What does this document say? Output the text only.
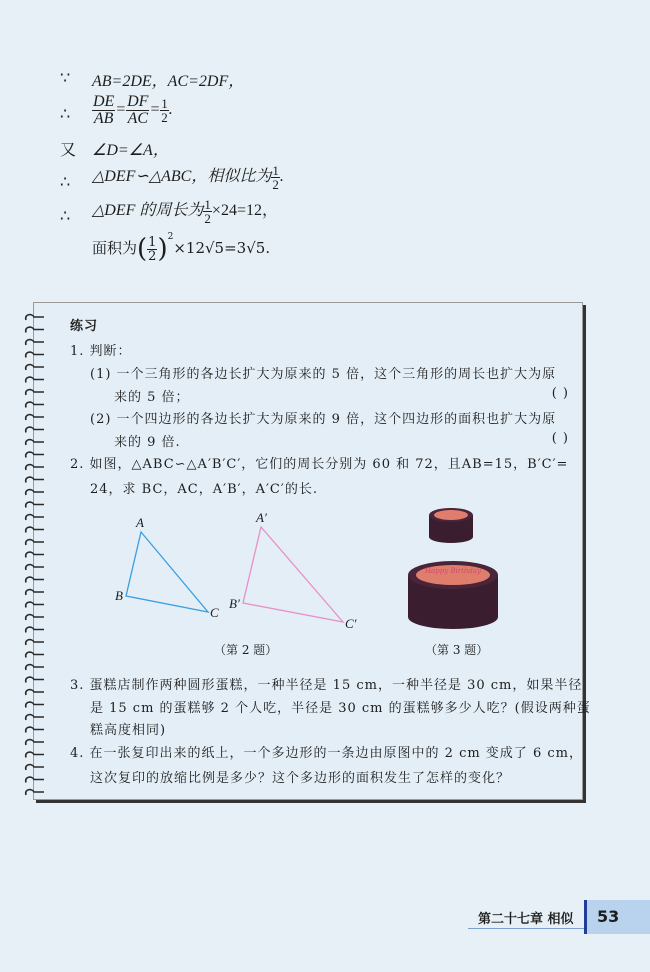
∵ AB=2DE，AC=2DF，
∴ $\frac{DE}{AB} = \frac{DF}{AC} = \frac{1}{2}$ .
又 ∠D=∠A，
∴ △DEF∽△ABC，相似比为 $\frac{1}{2}$ .
∴ △DEF 的周长为 $\frac{1}{2} \times 24=12$，
面积为( $\frac{1}{2} )^2\times 12√5=3√5$.
练习
1. 判断：
(1) 一个三角形的各边长扩大为原来的 5 倍，这个三角形的周长也扩大为原
来的 5 倍；	( )
(2) 一个四边形的各边长扩大为原来的 9 倍，这个四边形的面积也扩大为原
来的 9 倍.	( )
2. 如图，△ABC∽△A′B′C′，它们的周长分别为 60 和 72，且AB=15，B′C′=
24，求 BC，AC，A′B′，A′C′的长.
A
B
C
A′
B′
C′
（第 2 题）
Happy Birthday
（第 3 题）
3. 蛋糕店制作两种圆形蛋糕，一种半径是 15 cm，一种半径是 30 cm，如果半径
是 15 cm 的蛋糕够 2 个人吃，半径是 30 cm 的蛋糕够多少人吃？(假设两种蛋
糕高度相同)
4. 在一张复印出来的纸上，一个多边形的一条边由原图中的 2 cm 变成了 6 cm，
这次复印的放缩比例是多少？这个多边形的面积发生了怎样的变化？
第二十七章 相似	53
